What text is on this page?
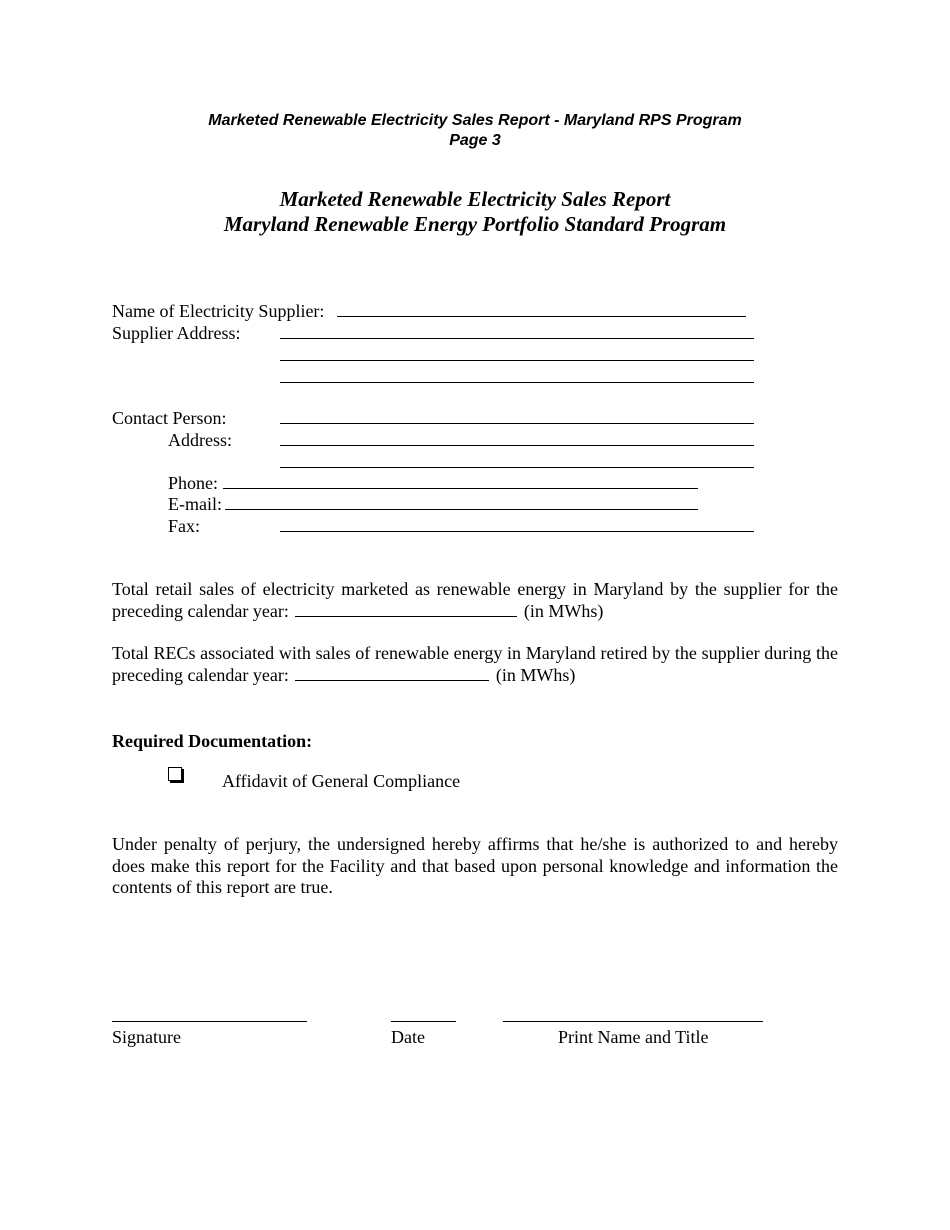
Marketed Renewable Electricity Sales Report - Maryland RPS Program
Page 3
Marketed Renewable Electricity Sales Report
Maryland Renewable Energy Portfolio Standard Program
Name of Electricity Supplier:
Supplier Address:
Contact Person:
Address:
Phone:
E-mail:
Fax:
Total retail sales of electricity marketed as renewable energy in Maryland by the supplier for the preceding calendar year:	(in MWhs)
Total RECs associated with sales of renewable energy in Maryland retired by the supplier during the preceding calendar year:	(in MWhs)
Required Documentation:
Affidavit of General Compliance
Under penalty of perjury, the undersigned hereby affirms that he/she is authorized to and hereby does make this report for the Facility and that based upon personal knowledge and information the contents of this report are true.
Signature	Date	Print Name and Title
